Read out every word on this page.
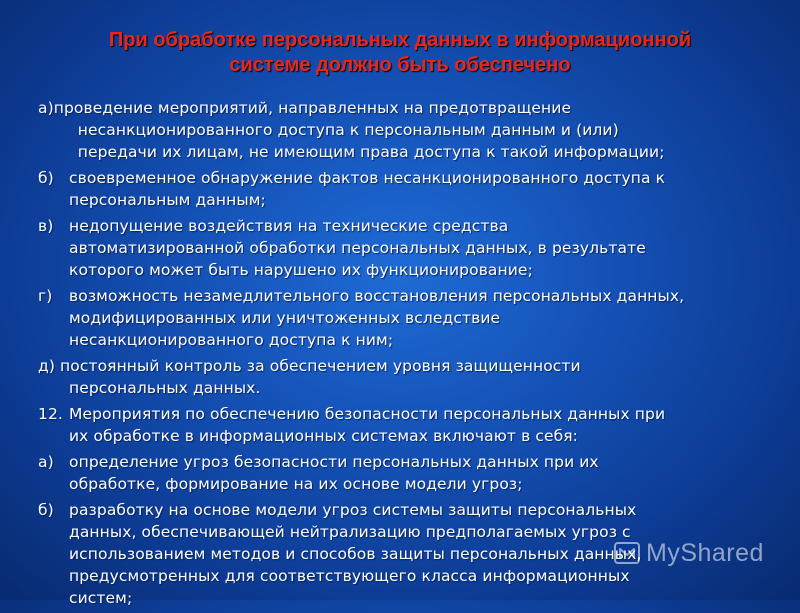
При обработке персональных данных в информационной
системе должно быть обеспечено
а) проведение мероприятий, направленных на предотвращение
несанкционированного доступа к персональным данным и (или)
передачи их лицам, не имеющим права доступа к такой информации;
б) своевременное обнаружение фактов несанкционированного доступа к
персональным данным;
в)	недопущение воздействия на технические средства
автоматизированной обработки персональных данных, в результате
которого может быть нарушено их функционирование;
г)	возможность незамедлительного восстановления персональных данных,
модифицированных или уничтоженных вследствие
несанкционированного доступа к ним;
д) постоянный контроль за обеспечением уровня защищенности
персональных данных.
12. Мероприятия по обеспечению безопасности персональных данных при
их обработке в информационных системах включают в себя:
а) определение угроз безопасности персональных данных при их
обработке, формирование на их основе модели угроз;
б) разработку на основе модели угроз системы защиты персональных
данных, обеспечивающей нейтрализацию предполагаемых угроз с
использованием методов и способов защиты персональных данных,
предусмотренных для соответствующего класса информационных
систем;
MyShared
